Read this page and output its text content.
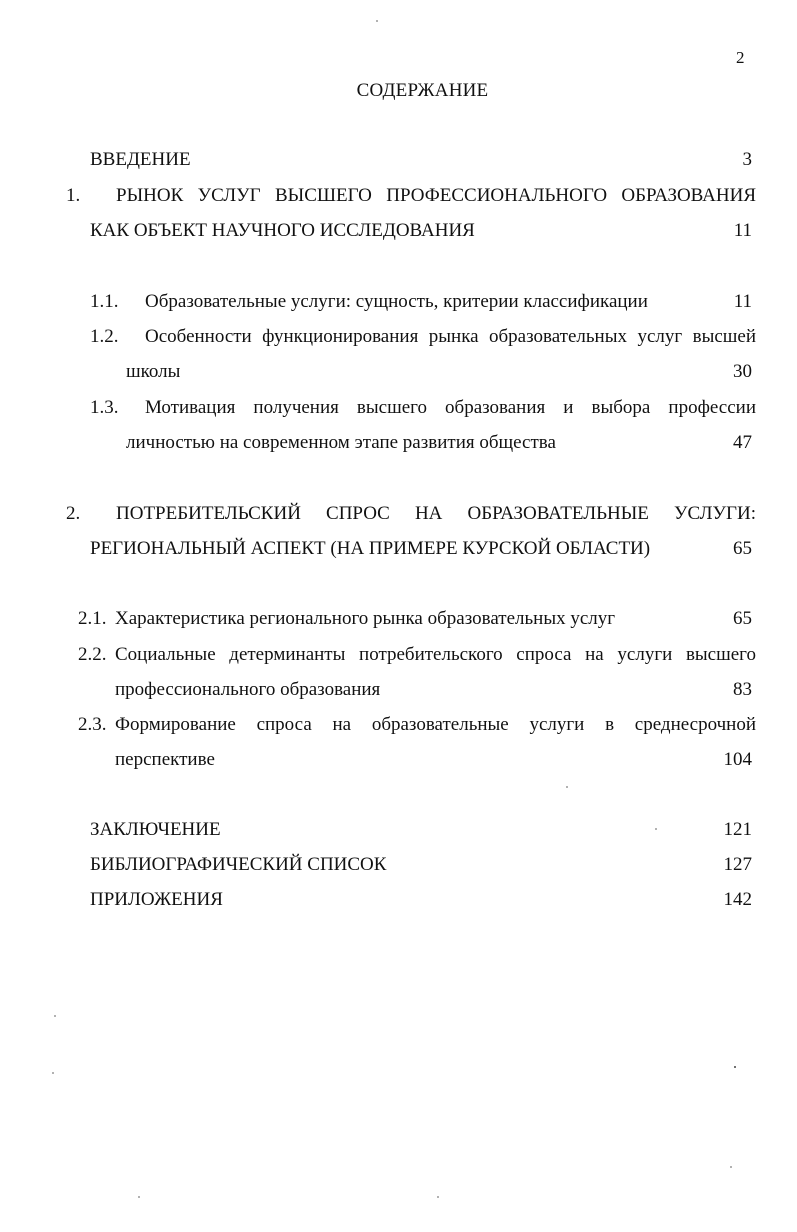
2
СОДЕРЖАНИЕ
ВВЕДЕНИЕ	3
1. РЫНОК УСЛУГ ВЫСШЕГО ПРОФЕССИОНАЛЬНОГО ОБРАЗОВАНИЯ
КАК ОБЪЕКТ НАУЧНОГО ИССЛЕДОВАНИЯ	11
1.1. Образовательные услуги: сущность, критерии классификации	11
1.2. Особенности функционирования рынка образовательных услуг высшей
школы	30
1.3. Мотивация получения высшего образования и выбора профессии
личностью на современном этапе развития общества	47
2. ПОТРЕБИТЕЛЬСКИЙ СПРОС НА ОБРАЗОВАТЕЛЬНЫЕ УСЛУГИ:
РЕГИОНАЛЬНЫЙ АСПЕКТ (НА ПРИМЕРЕ КУРСКОЙ ОБЛАСТИ)	65
2.1. Характеристика регионального рынка образовательных услуг	65
2.2. Социальные детерминанты потребительского спроса на услуги высшего
профессионального образования	83
2.3. Формирование спроса на образовательные услуги в среднесрочной
перспективе	104
ЗАКЛЮЧЕНИЕ	121
БИБЛИОГРАФИЧЕСКИЙ СПИСОК	127
ПРИЛОЖЕНИЯ	142
